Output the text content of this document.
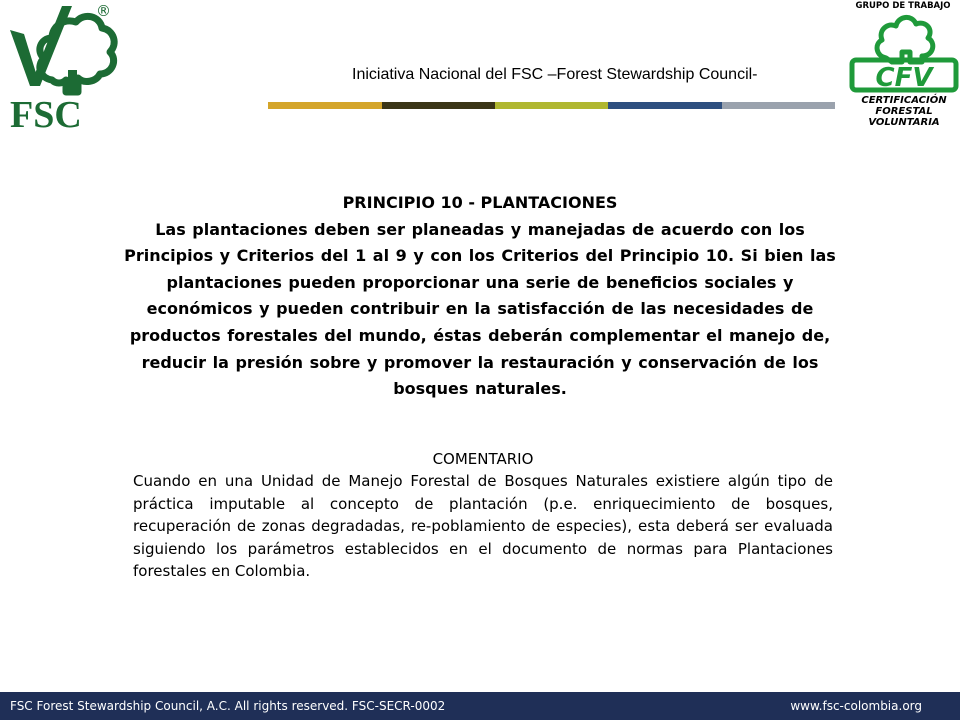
FSC
®
Iniciativa Nacional del FSC –Forest Stewardship Council-
GRUPO DE TRABAJO
CFV
CERTIFICACIÓN
FORESTAL
VOLUNTARIA
PRINCIPIO 10 - PLANTACIONES
Las plantaciones deben ser planeadas y manejadas de acuerdo con los Principios y Criterios del 1 al 9 y con los Criterios del Principio 10. Si bien las plantaciones pueden proporcionar una serie de beneficios sociales y económicos y pueden contribuir en la satisfacción de las necesidades de productos forestales del mundo, éstas deberán complementar el manejo de, reducir la presión sobre y promover la restauración y conservación de los bosques naturales.
COMENTARIO
Cuando en una Unidad de Manejo Forestal de Bosques Naturales existiere algún tipo de práctica imputable al concepto de plantación (p.e. enriquecimiento de bosques, recuperación de zonas degradadas, re-poblamiento de especies), esta deberá ser evaluada siguiendo los parámetros establecidos en el documento de normas para Plantaciones forestales en Colombia.
FSC Forest Stewardship Council, A.C. All rights reserved. FSC-SECR-0002	www.fsc-colombia.org
